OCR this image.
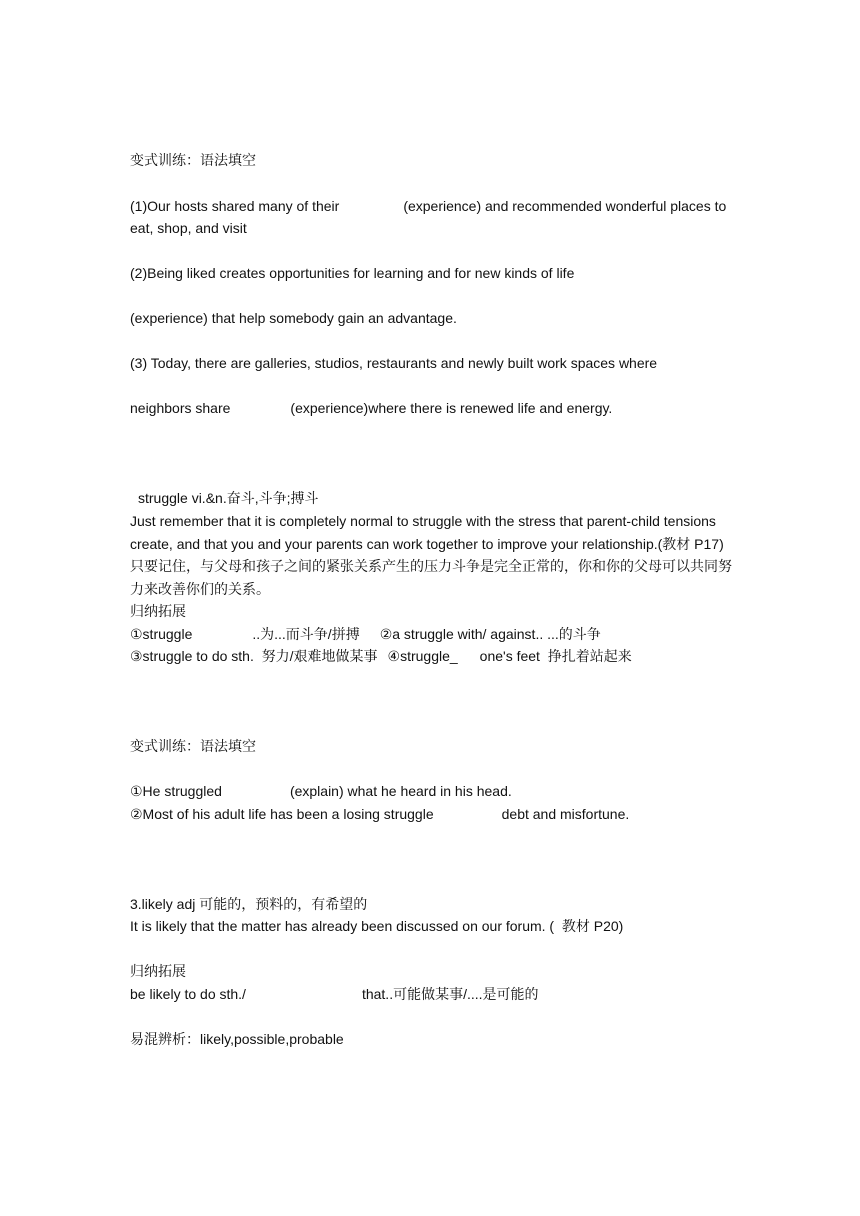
变式训练：语法填空
(1)Our hosts shared many of their	(experience) and recommended wonderful places to
eat, shop, and visit
(2)Being liked creates opportunities for learning and for new kinds of life
(experience) that help somebody gain an advantage.
(3) Today, there are galleries, studios, restaurants and newly built work spaces where
neighbors share	(experience)where there is renewed life and energy.
struggle vi.&n.奋斗,斗争;搏斗
Just remember that it is completely normal to struggle with the stress that parent-child tensions create, and that you and your parents can work together to improve your relationship.(教材 P17)只要记住，与父母和孩子之间的紧张关系产生的压力斗争是完全正常的，你和你的父母可以共同努力来改善你们的关系。
归纳拓展
①struggle	..为...而斗争/拼搏 ②a struggle with/ against.. ...的斗争
③struggle to do sth.  努力/艰难地做某事 ④struggle_ one's feet  挣扎着站起来
变式训练：语法填空
①He struggled	(explain) what he heard in his head.
②Most of his adult life has been a losing struggle	debt and misfortune.
3.likely adj 可能的，预料的，有希望的
It is likely that the matter has already been discussed on our forum. (  教材 P20)
归纳拓展
be likely to do sth./	that..可能做某事/....是可能的
易混辨析：likely,possible,probable
